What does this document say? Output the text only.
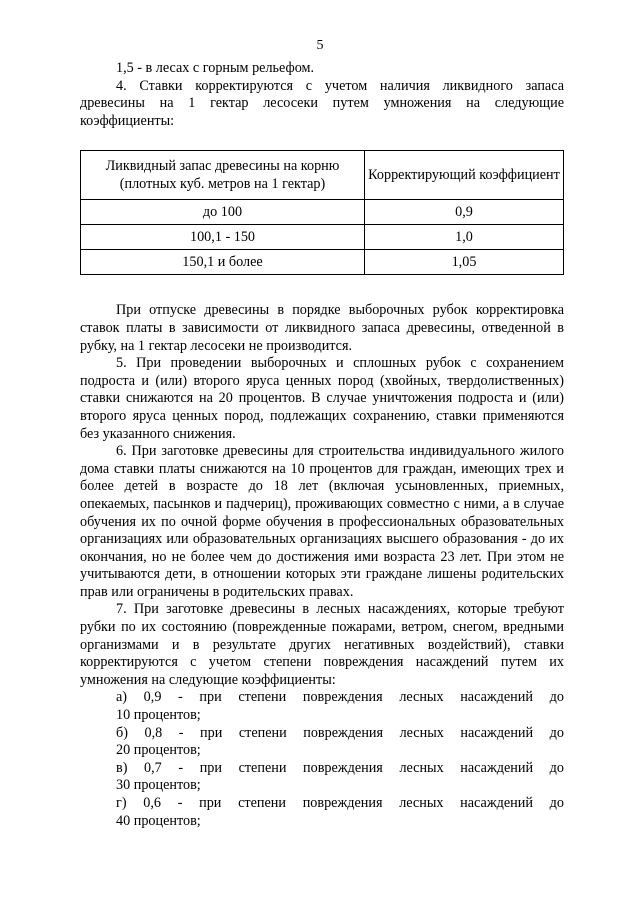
5

1,5 - в лесах с горным рельефом.

4. Ставки корректируются с учетом наличия ликвидного запаса древесины на 1 гектар лесосеки путем умножения на следующие коэффициенты:

Ликвидный запас древесины на корню (плотных куб. метров на 1 гектар)	Корректирующий коэффициент
до 100	0,9
100,1 - 150	1,0
150,1 и более	1,05

При отпуске древесины в порядке выборочных рубок корректировка ставок платы в зависимости от ликвидного запаса древесины, отведенной в рубку, на 1 гектар лесосеки не производится.

5. При проведении выборочных и сплошных рубок с сохранением подроста и (или) второго яруса ценных пород (хвойных, твердолиственных) ставки снижаются на 20 процентов. В случае уничтожения подроста и (или) второго яруса ценных пород, подлежащих сохранению, ставки применяются без указанного снижения.

6. При заготовке древесины для строительства индивидуального жилого дома ставки платы снижаются на 10 процентов для граждан, имеющих трех и более детей в возрасте до 18 лет (включая усыновленных, приемных, опекаемых, пасынков и падчериц), проживающих совместно с ними, а в случае обучения их по очной форме обучения в профессиональных образовательных организациях или образовательных организациях высшего образования - до их окончания, но не более чем до достижения ими возраста 23 лет. При этом не учитываются дети, в отношении которых эти граждане лишены родительских прав или ограничены в родительских правах.

7. При заготовке древесины в лесных насаждениях, которые требуют рубки по их состоянию (поврежденные пожарами, ветром, снегом, вредными организмами и в результате других негативных воздействий), ставки корректируются с учетом степени повреждения насаждений путем их умножения на следующие коэффициенты:

а) 0,9 - при степени повреждения лесных насаждений до

10 процентов;

б) 0,8 - при степени повреждения лесных насаждений до

20 процентов;

в) 0,7 - при степени повреждения лесных насаждений до

30 процентов;

г) 0,6 - при степени повреждения лесных насаждений до

40 процентов;
